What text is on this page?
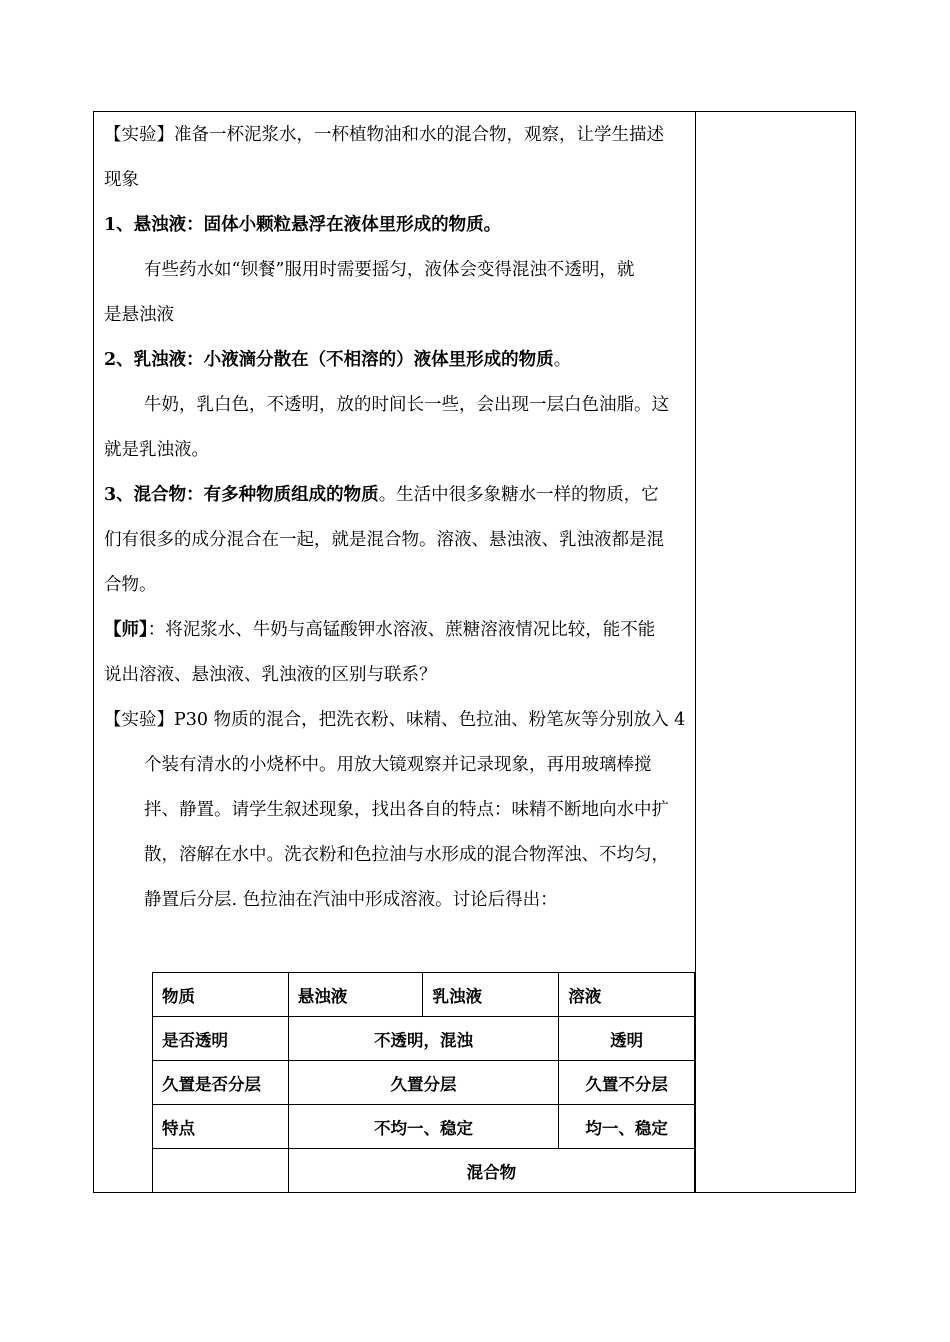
【实验】准备一杯泥浆水，一杯植物油和水的混合物，观察，让学生描述
现象
1、悬浊液：固体小颗粒悬浮在液体里形成的物质。
有些药水如“钡餐”服用时需要摇匀，液体会变得混浊不透明，就
是悬浊液
2、乳浊液：小液滴分散在（不相溶的）液体里形成的物质。
牛奶，乳白色，不透明，放的时间长一些，会出现一层白色油脂。这
就是乳浊液。
3、混合物：有多种物质组成的物质。生活中很多象糖水一样的物质，它
们有很多的成分混合在一起，就是混合物。溶液、悬浊液、乳浊液都是混
合物。
【师】：将泥浆水、牛奶与高锰酸钾水溶液、蔗糖溶液情况比较，能不能
说出溶液、悬浊液、乳浊液的区别与联系？
【实验】P30 物质的混合，把洗衣粉、味精、色拉油、粉笔灰等分别放入 4
个装有清水的小烧杯中。用放大镜观察并记录现象，再用玻璃棒搅
拌、静置。请学生叙述现象，找出各自的特点：味精不断地向水中扩
散，溶解在水中。洗衣粉和色拉油与水形成的混合物浑浊、不均匀，
静置后分层. 色拉油在汽油中形成溶液。讨论后得出：
物质	悬浊液	乳浊液	溶液
是否透明	不透明，混浊		透明
久置是否分层	久置分层		久置不分层
特点	不均一、稳定		均一、稳定
	混合物		
